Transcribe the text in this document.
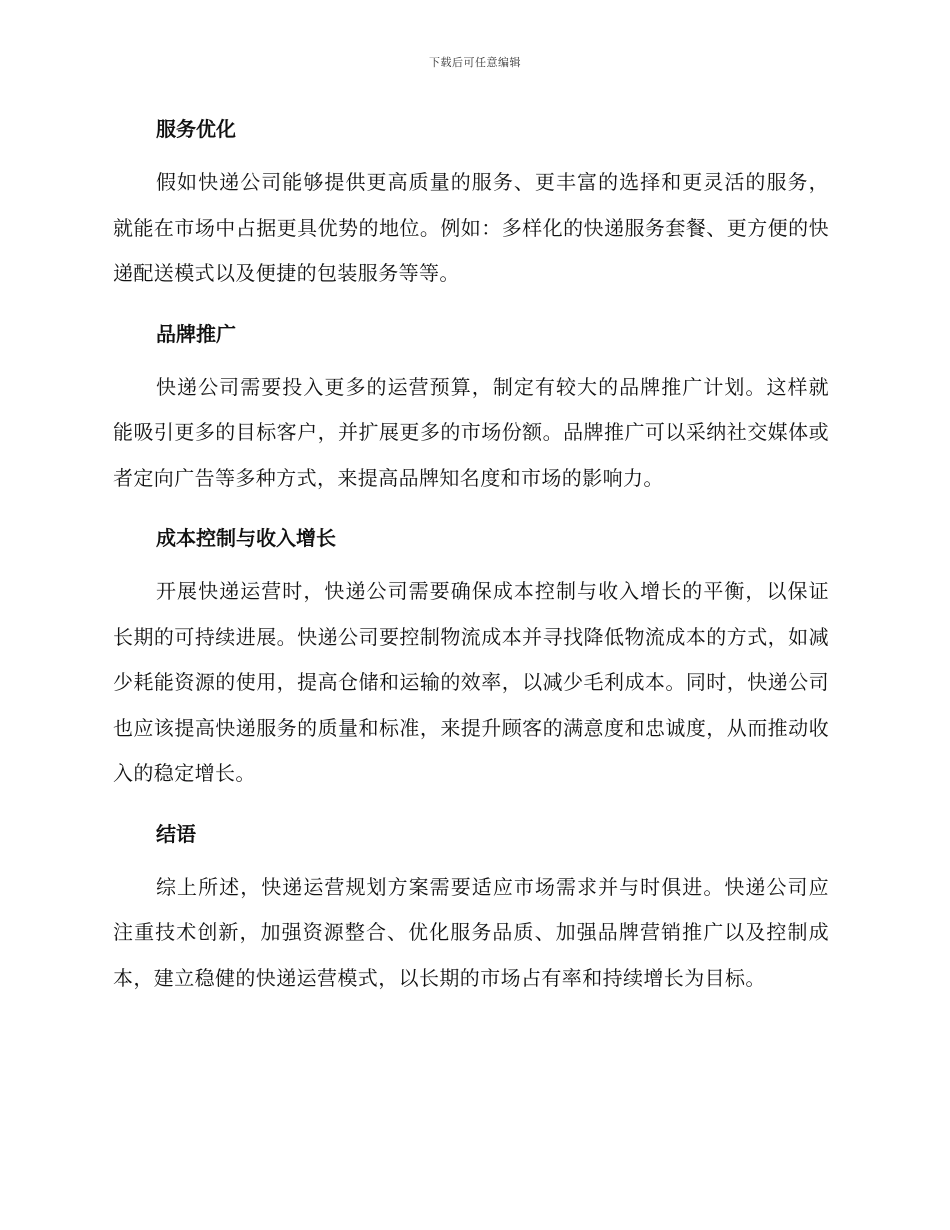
下载后可任意编辑
服务优化

假如快递公司能够提供更高质量的服务、更丰富的选择和更灵活的服务，就能在市场中占据更具优势的地位。例如：多样化的快递服务套餐、更方便的快递配送模式以及便捷的包装服务等等。

品牌推广

快递公司需要投入更多的运营预算，制定有较大的品牌推广计划。这样就能吸引更多的目标客户，并扩展更多的市场份额。品牌推广可以采纳社交媒体或者定向广告等多种方式，来提高品牌知名度和市场的影响力。

成本控制与收入增长

开展快递运营时，快递公司需要确保成本控制与收入增长的平衡，以保证长期的可持续进展。快递公司要控制物流成本并寻找降低物流成本的方式，如减少耗能资源的使用，提高仓储和运输的效率，以减少毛利成本。同时，快递公司也应该提高快递服务的质量和标准，来提升顾客的满意度和忠诚度，从而推动收入的稳定增长。

结语

综上所述，快递运营规划方案需要适应市场需求并与时俱进。快递公司应注重技术创新，加强资源整合、优化服务品质、加强品牌营销推广以及控制成本，建立稳健的快递运营模式，以长期的市场占有率和持续增长为目标。
